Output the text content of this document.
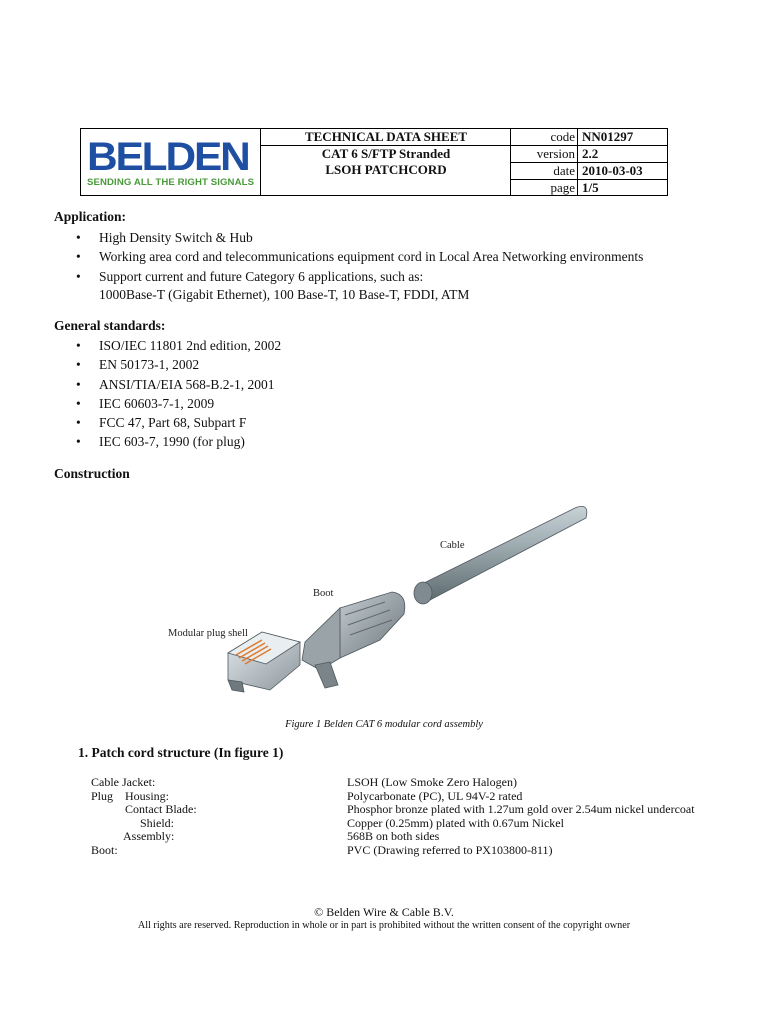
BELDEN
SENDING ALL THE RIGHT SIGNALS
TECHNICAL DATA SHEET
CAT 6 S/FTP Stranded
LSOH PATCHCORD
code NN01297
version 2.2
date 2010-03-03
page 1/5
Application:
• High Density Switch & Hub
• Working area cord and telecommunications equipment cord in Local Area Networking environments
• Support current and future Category 6 applications, such as:
1000Base-T (Gigabit Ethernet), 100 Base-T, 10 Base-T, FDDI, ATM
General standards:
• ISO/IEC 11801 2nd edition, 2002
• EN 50173-1, 2002
• ANSI/TIA/EIA 568-B.2-1, 2001
• IEC 60603-7-1, 2009
• FCC 47, Part 68, Subpart F
• IEC 603-7, 1990 (for plug)
Construction
Cable
Boot
Modular plug shell
Figure 1 Belden CAT 6 modular cord assembly
1. Patch cord structure (In figure 1)
Cable Jacket:	LSOH (Low Smoke Zero Halogen)
Plug    Housing:	Polycarbonate (PC), UL 94V-2 rated
Contact Blade:	Phosphor bronze plated with 1.27um gold over 2.54um nickel undercoat
Shield:	Copper (0.25mm) plated with 0.67um Nickel
Assembly:	568B on both sides
Boot:	PVC (Drawing referred to PX103800-811)
© Belden Wire & Cable B.V.
All rights are reserved. Reproduction in whole or in part is prohibited without the written consent of the copyright owner
